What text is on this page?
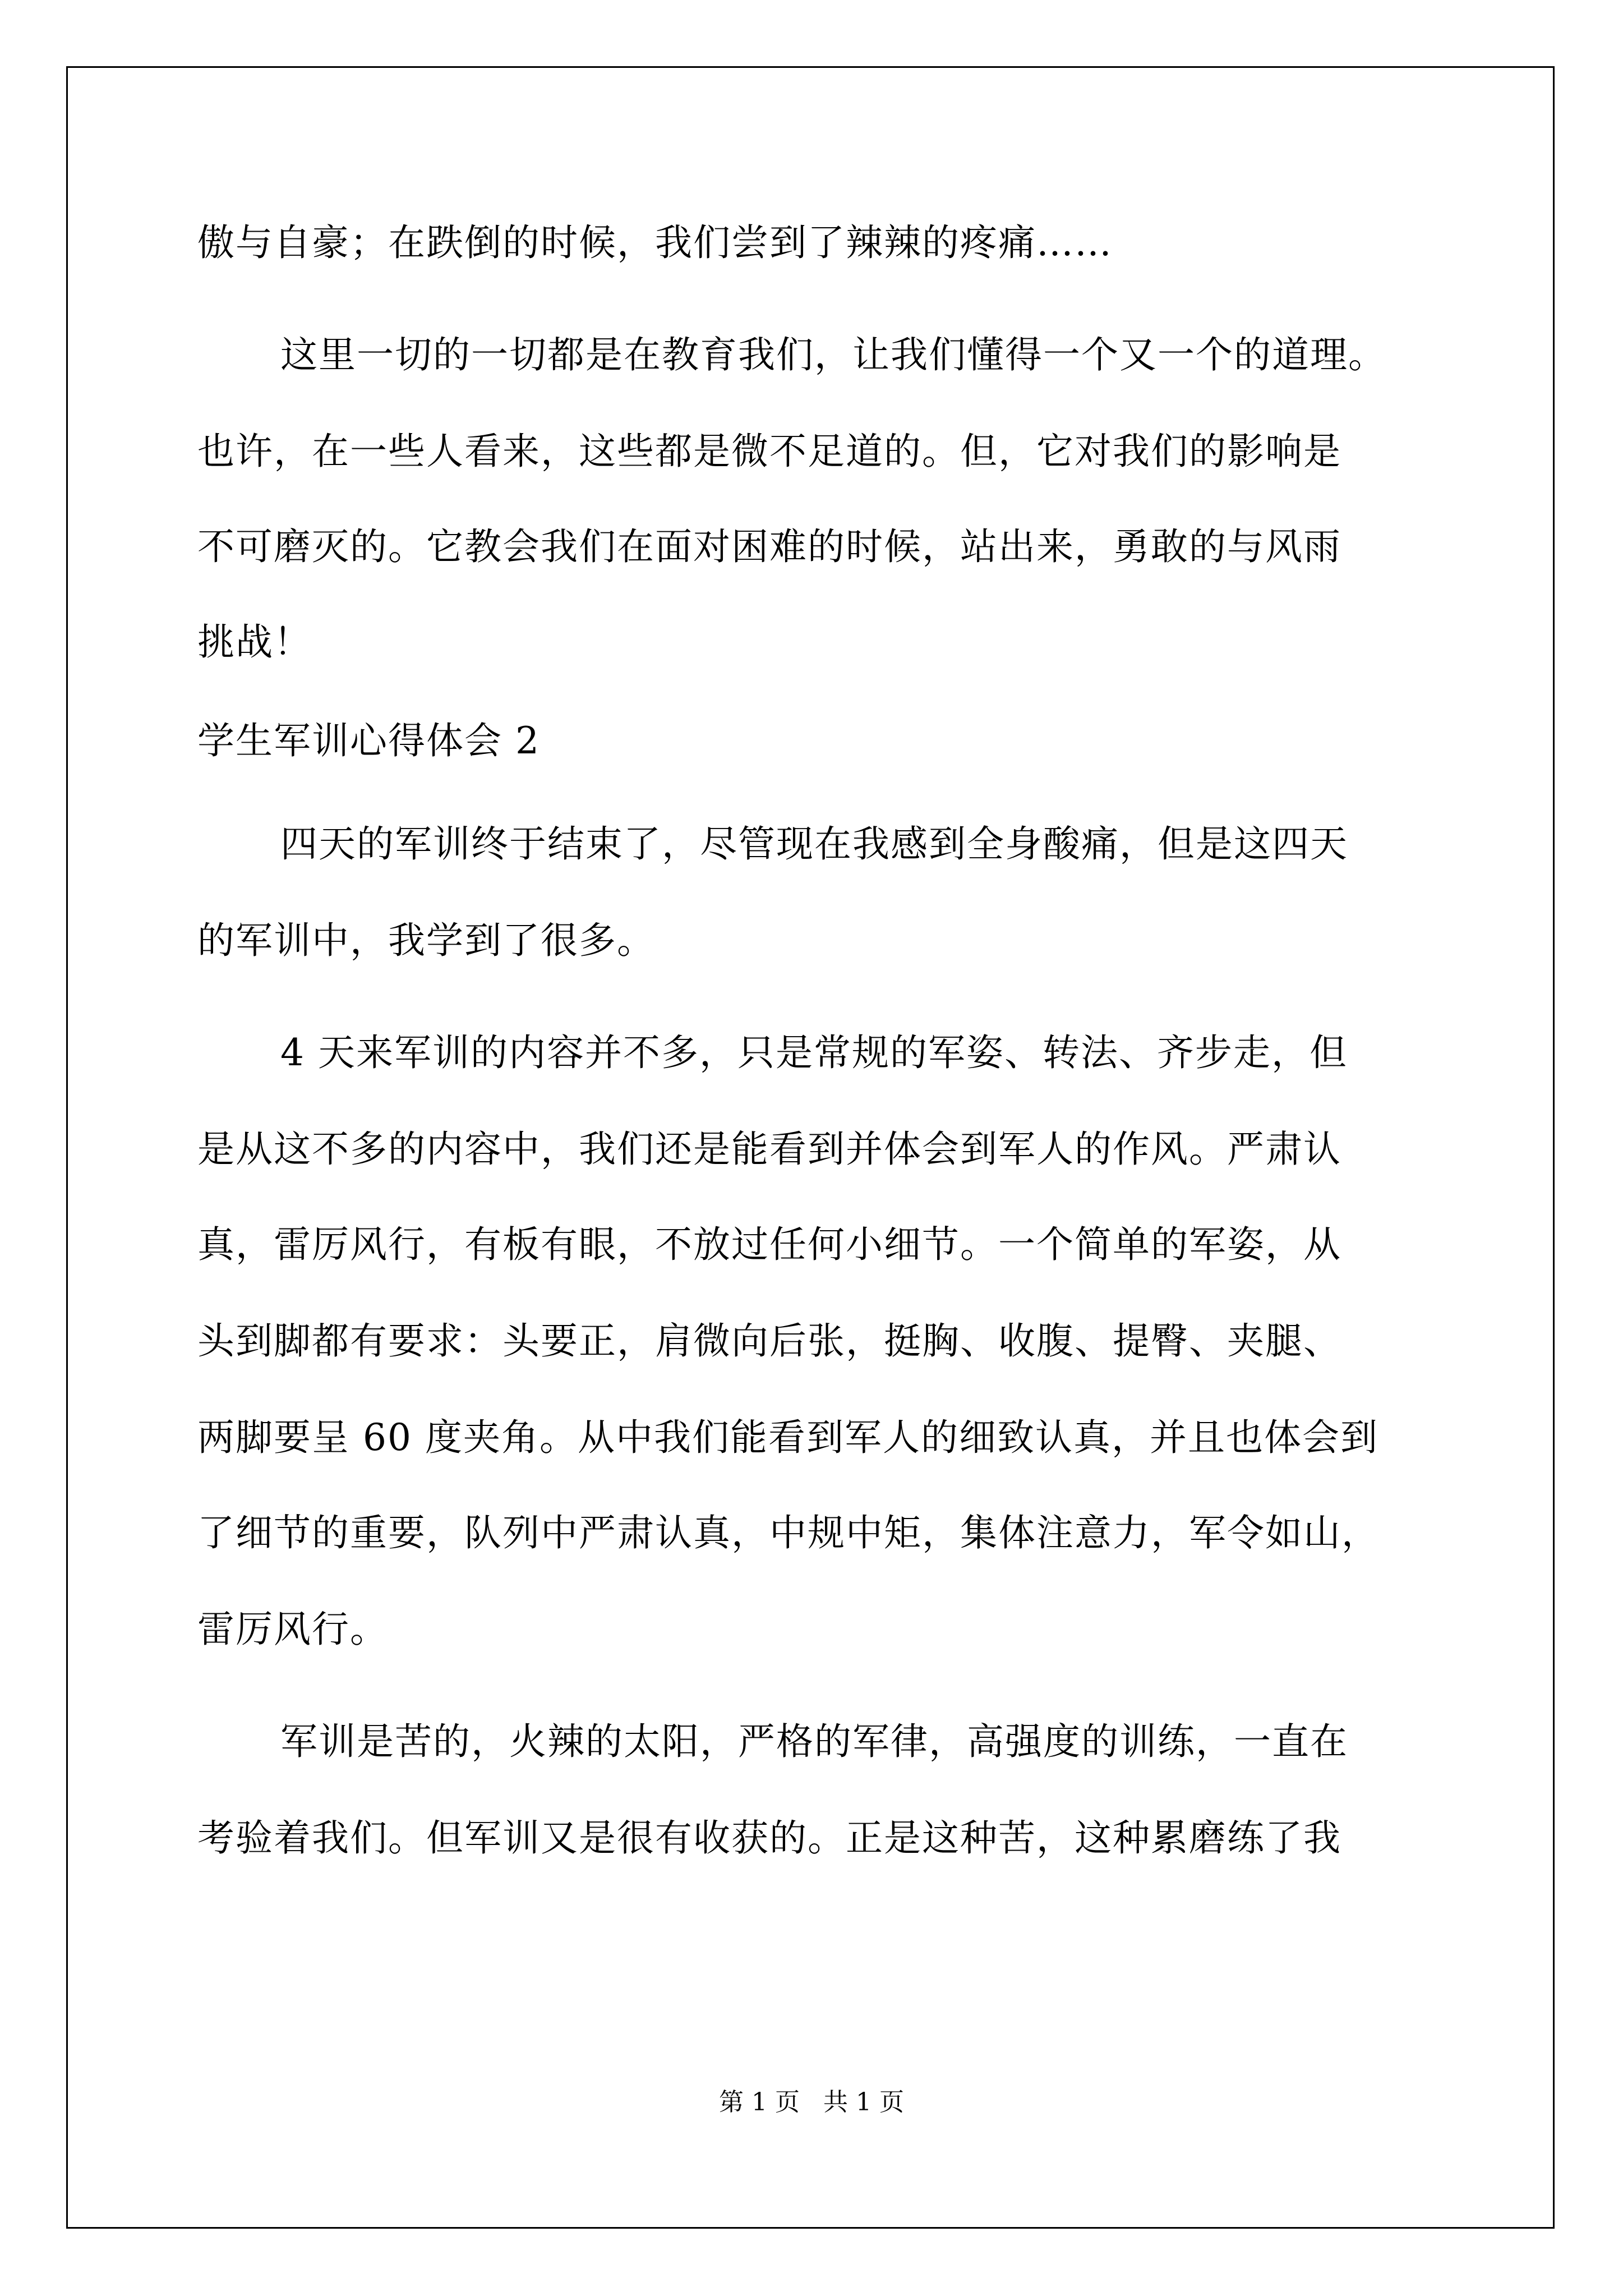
傲与自豪；在跌倒的时候，我们尝到了辣辣的疼痛……
这里一切的一切都是在教育我们，让我们懂得一个又一个的道理。
也许，在一些人看来，这些都是微不足道的。但，它对我们的影响是
不可磨灭的。它教会我们在面对困难的时候，站出来，勇敢的与风雨
挑战！
学生军训心得体会 2
四天的军训终于结束了，尽管现在我感到全身酸痛，但是这四天
的军训中，我学到了很多。
4 天来军训的内容并不多，只是常规的军姿、转法、齐步走，但
是从这不多的内容中，我们还是能看到并体会到军人的作风。严肃认
真，雷厉风行，有板有眼，不放过任何小细节。一个简单的军姿，从
头到脚都有要求：头要正，肩微向后张，挺胸、收腹、提臀、夹腿、
两脚要呈 60 度夹角。从中我们能看到军人的细致认真，并且也体会到
了细节的重要，队列中严肃认真，中规中矩，集体注意力，军令如山，
雷厉风行。
军训是苦的，火辣的太阳，严格的军律，高强度的训练，一直在
考验着我们。但军训又是很有收获的。正是这种苦，这种累磨练了我
第 1 页   共 1 页
